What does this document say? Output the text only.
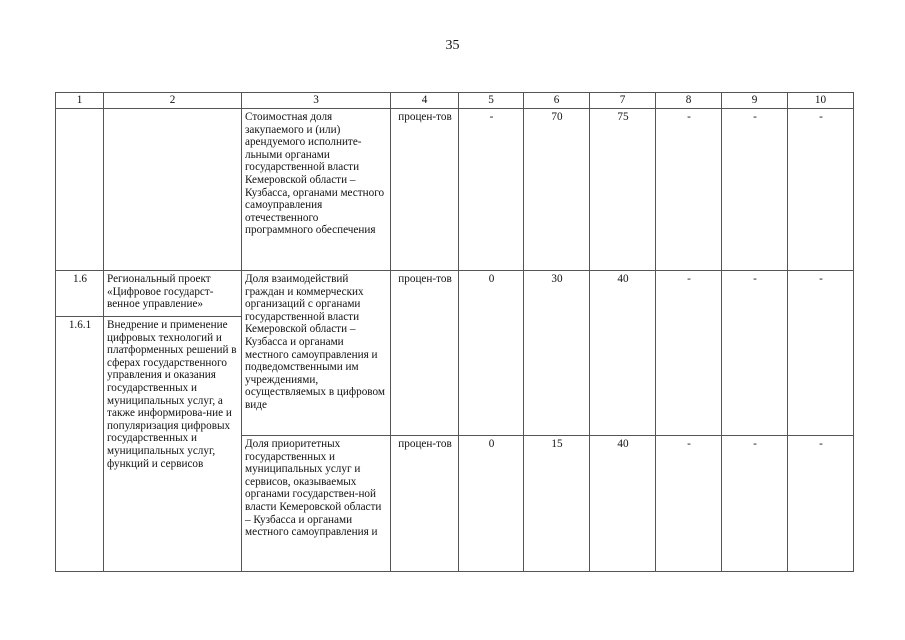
35
1	2	3	4	5	6	7	8	9	10
		Стоимостная доля закупаемого и (или) арендуемого исполните-льными органами государственной власти Кемеровской области – Кузбасса, органами местного самоуправления отечественного программного обеспечения	процен-тов	-	70	75	-	-	-
1.6	Региональный проект «Цифровое государст-венное управление»	Доля взаимодействий граждан и коммерческих организаций с органами государственной власти Кемеровской области – Кузбасса и органами местного самоуправления и подведомственными им учреждениями, осуществляемых в цифровом виде	процен-тов	0	30	40	-	-	-
1.6.1	Внедрение и применение цифровых технологий и платформенных решений в сферах государственного управления и оказания государственных и муниципальных услуг, а также информирова-ние и популяризация цифровых государственных и муниципальных услуг, функций и сервисов								
		Доля приоритетных государственных и муниципальных услуг и сервисов, оказываемых органами государствен-ной власти Кемеровской области – Кузбасса и органами местного самоуправления и	процен-тов	0	15	40	-	-	-
